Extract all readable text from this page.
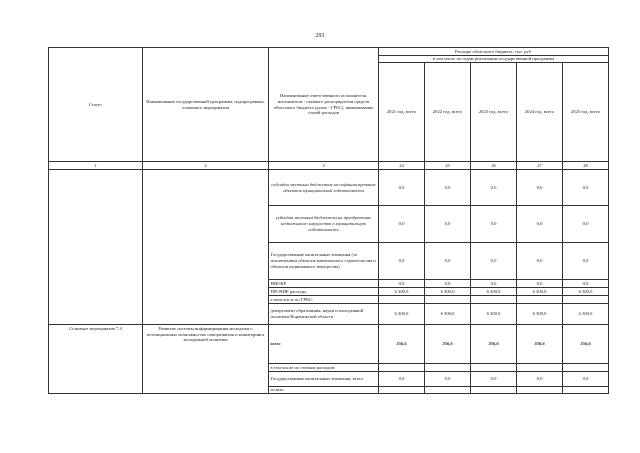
293
Статус	Наименование государственной программы, подпрограммы, основного мероприятия	Наименование ответственного исполнителя, исполнителя - главного распорядителя средств областного бюджета (далее - ГРБС), наименование статей расходов	Расходы областного бюджета, тыс. руб.				
			в том числе по годам реализации государственной программы				
			2021 год, всего	2022 год, всего	2023 год, всего	2024 год, всего	2025 год, всего
1	2	3	24	25	26	27	28
		субсидии местным бюджетам на софинансирование объектов муниципальной собственности	0,0	0,0	0,0	0,0	0,0
		субсидии местным бюджетам на приобретение недвижимого имущества в муниципальную собственность	0,0	0,0	0,0	0,0	0,0
		Государственные капитальные вложения (за исключением объектов капитального строительства и объектов недвижимого имущества)	0,0	0,0	0,0	0,0	0,0
		НИОКР	0,0	0,0	0,0	0,0	0,0
		ПРОЧИЕ расходы	6 300,0	6 300,0	6 300,0	6 300,0	6 300,0
		в том числе по ГРБС:					
		департамент образования, науки и молодежной политики Воронежской области	6 300,0	6 300,0	6 300,0	6 300,0	6 300,0
Основное мероприятие 7.4	Развитие системы информирования молодежи о потенциальных возможностях саморазвития и мониторинга молодежной политики	всего	356,6	356,6	356,6	356,6	356,6
		в том числе по статьям расходов:					
		Государственные капитальные вложения, всего	0,0	0,0	0,0	0,0	0,0
		из них:					
